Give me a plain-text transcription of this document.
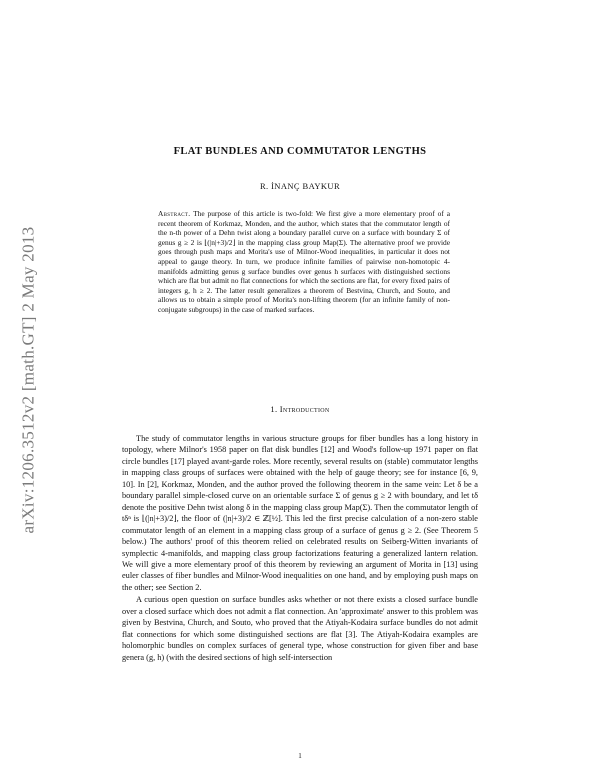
arXiv:1206.3512v2 [math.GT] 2 May 2013
FLAT BUNDLES AND COMMUTATOR LENGTHS
R. İNANÇ BAYKUR
Abstract. The purpose of this article is two-fold: We first give a more elementary proof of a recent theorem of Korkmaz, Monden, and the author, which states that the commutator length of the n-th power of a Dehn twist along a boundary parallel curve on a surface with boundary Σ of genus g ≥ 2 is ⌊(|n|+3)/2⌋ in the mapping class group Map(Σ). The alternative proof we provide goes through push maps and Morita's use of Milnor-Wood inequalities, in particular it does not appeal to gauge theory. In turn, we produce infinite families of pairwise non-homotopic 4-manifolds admitting genus g surface bundles over genus h surfaces with distinguished sections which are flat but admit no flat connections for which the sections are flat, for every fixed pairs of integers g, h ≥ 2. The latter result generalizes a theorem of Bestvina, Church, and Souto, and allows us to obtain a simple proof of Morita's non-lifting theorem (for an infinite family of non-conjugate subgroups) in the case of marked surfaces.
1. Introduction

The study of commutator lengths in various structure groups for fiber bundles has a long history in topology, where Milnor's 1958 paper on flat disk bundles [12] and Wood's follow-up 1971 paper on flat circle bundles [17] played avant-garde roles. More recently, several results on (stable) commutator lengths in mapping class groups of surfaces were obtained with the help of gauge theory; see for instance [6, 9, 10]. In [2], Korkmaz, Monden, and the author proved the following theorem in the same vein: Let δ be a boundary parallel simple-closed curve on an orientable surface Σ of genus g ≥ 2 with boundary, and let tδ denote the positive Dehn twist along δ in the mapping class group Map(Σ). Then the commutator length of tδⁿ is ⌊(|n|+3)/2⌋, the floor of (|n|+3)/2 ∈ ℤ[½]. This led the first precise calculation of a non-zero stable commutator length of an element in a mapping class group of a surface of genus g ≥ 2. (See Theorem 5 below.) The authors' proof of this theorem relied on celebrated results on Seiberg-Witten invariants of symplectic 4-manifolds, and mapping class group factorizations featuring a generalized lantern relation. We will give a more elementary proof of this theorem by reviewing an argument of Morita in [13] using euler classes of fiber bundles and Milnor-Wood inequalities on one hand, and by employing push maps on the other; see Section 2.

A curious open question on surface bundles asks whether or not there exists a closed surface bundle over a closed surface which does not admit a flat connection. An 'approximate' answer to this problem was given by Bestvina, Church, and Souto, who proved that the Atiyah-Kodaira surface bundles do not admit flat connections for which some distinguished sections are flat [3]. The Atiyah-Kodaira examples are holomorphic bundles on complex surfaces of general type, whose construction for given fiber and base genera (g, h) (with the desired sections of high self-intersection

1
